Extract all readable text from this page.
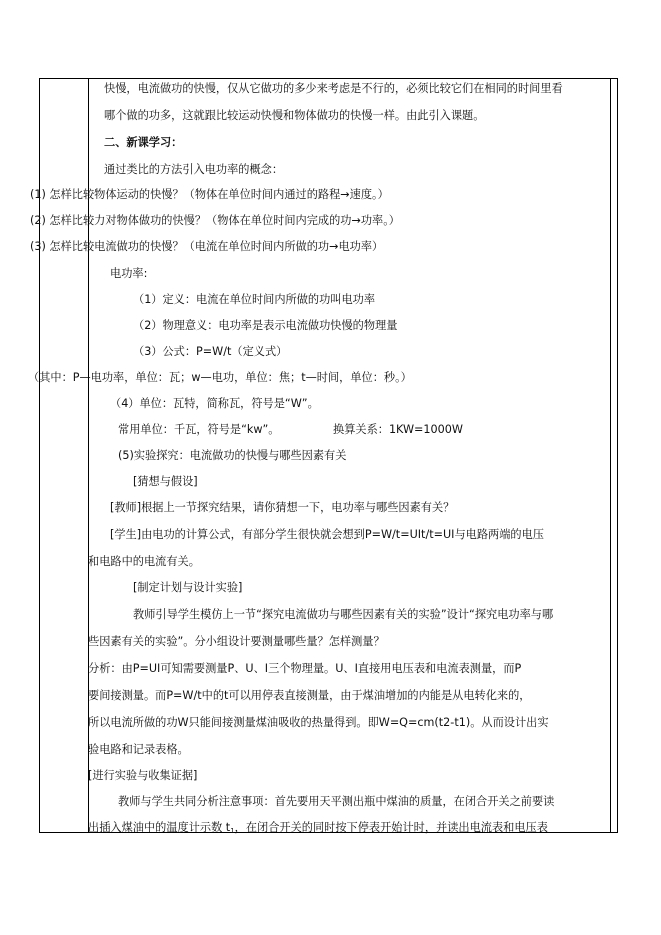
快慢，电流做功的快慢，仅从它做功的多少来考虑是不行的，必须比较它们在相同的时间里看
哪个做的功多，这就跟比较运动快慢和物体做功的快慢一样。由此引入课题。
二、新课学习：
通过类比的方法引入电功率的概念：
(1) 怎样比较物体运动的快慢？（物体在单位时间内通过的路程→速度。）
(2) 怎样比较力对物体做功的快慢？（物体在单位时间内完成的功→功率。）
(3) 怎样比较电流做功的快慢？（电流在单位时间内所做的功→电功率）
电功率:
（1）定义：电流在单位时间内所做的功叫电功率
（2）物理意义：电功率是表示电流做功快慢的物理量
（3）公式：P=W/t（定义式）
（其中：P—电功率，单位：瓦；w—电功，单位：焦；t—时间，单位：秒。）
（4）单位：瓦特，简称瓦，符号是“W”。
常用单位：千瓦，符号是“kw”。	换算关系：1KW=1000W
(5)实验探究：电流做功的快慢与哪些因素有关
[猜想与假设]
[教师]根据上一节探究结果，请你猜想一下，电功率与哪些因素有关？
[学生]由电功的计算公式，有部分学生很快就会想到P=W/t=UIt/t=UI与电路两端的电压
和电路中的电流有关。
[制定计划与设计实验]
教师引导学生模仿上一节“探究电流做功与哪些因素有关的实验”设计“探究电功率与哪
些因素有关的实验”。分小组设计要测量哪些量？怎样测量？
分析：由P=UI可知需要测量P、U、I三个物理量。U、I直接用电压表和电流表测量，而P
要间接测量。而P=W/t中的t可以用停表直接测量，由于煤油增加的内能是从电转化来的，
所以电流所做的功W只能间接测量煤油吸收的热量得到。即W=Q=cm(t2-t1)。从而设计出实
验电路和记录表格。
[进行实验与收集证据]
教师与学生共同分析注意事项：首先要用天平测出瓶中煤油的质量，在闭合开关之前要读
出插入煤油中的温度计示数 $t_1$，在闭合开关的同时按下停表开始计时，并读出电流表和电压表
